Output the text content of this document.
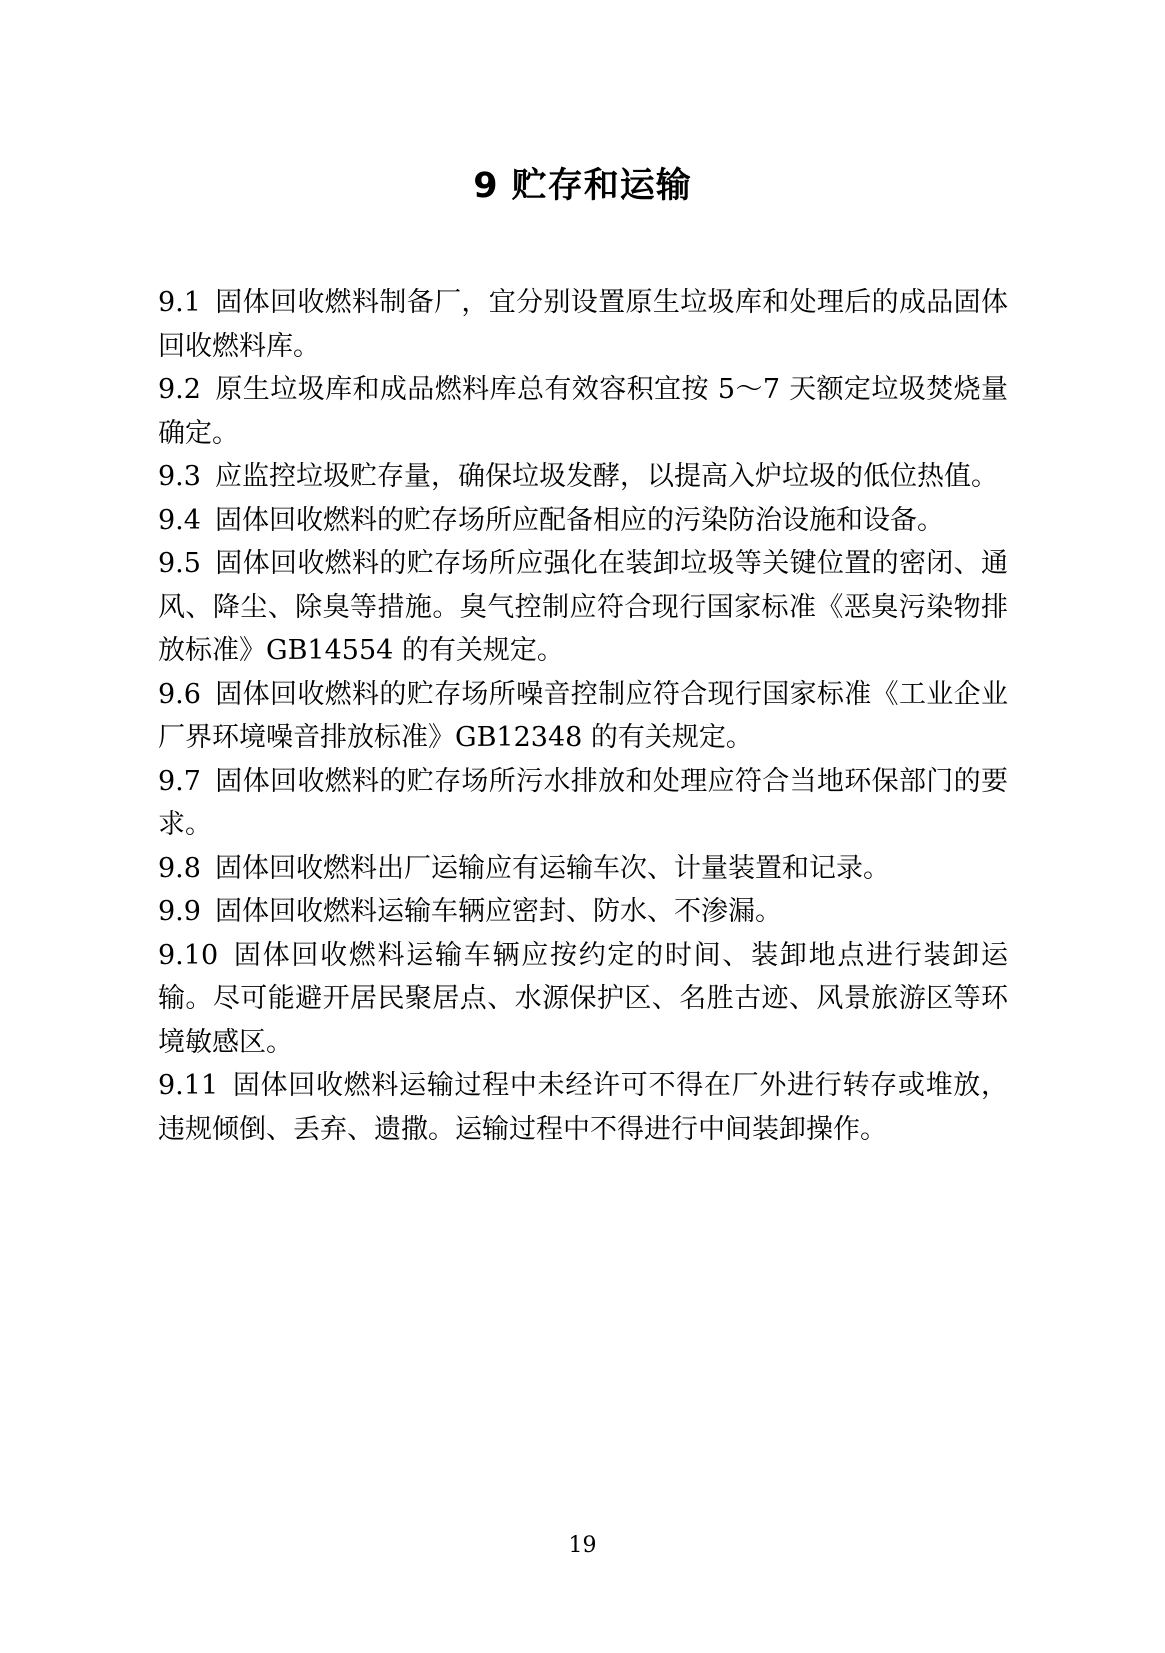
9 贮存和运输

9.1 固体回收燃料制备厂，宜分别设置原生垃圾库和处理后的成品固体回收燃料库。

9.2 原生垃圾库和成品燃料库总有效容积宜按 5～7 天额定垃圾焚烧量确定。

9.3 应监控垃圾贮存量，确保垃圾发酵，以提高入炉垃圾的低位热值。

9.4 固体回收燃料的贮存场所应配备相应的污染防治设施和设备。

9.5 固体回收燃料的贮存场所应强化在装卸垃圾等关键位置的密闭、通风、降尘、除臭等措施。臭气控制应符合现行国家标准《恶臭污染物排放标准》GB14554 的有关规定。

9.6 固体回收燃料的贮存场所噪音控制应符合现行国家标准《工业企业厂界环境噪音排放标准》GB12348 的有关规定。

9.7 固体回收燃料的贮存场所污水排放和处理应符合当地环保部门的要求。

9.8 固体回收燃料出厂运输应有运输车次、计量装置和记录。

9.9 固体回收燃料运输车辆应密封、防水、不渗漏。

9.10 固体回收燃料运输车辆应按约定的时间、装卸地点进行装卸运输。尽可能避开居民聚居点、水源保护区、名胜古迹、风景旅游区等环境敏感区。

9.11 固体回收燃料运输过程中未经许可不得在厂外进行转存或堆放，违规倾倒、丢弃、遗撒。运输过程中不得进行中间装卸操作。

19
